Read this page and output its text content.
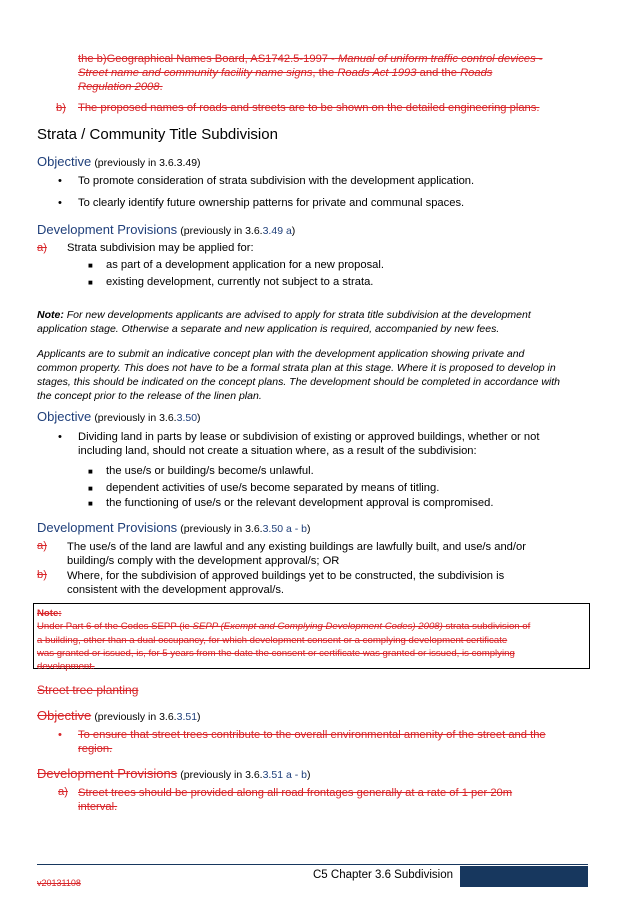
the b)Geographical Names Board, AS1742.5-1997 - Manual of uniform traffic control devices -
Street name and community facility name signs, the Roads Act 1993 and the Roads
Regulation 2008.
b) The proposed names of roads and streets are to be shown on the detailed engineering plans.
Strata / Community Title Subdivision
Objective (previously in 3.6.3.49)
• To promote consideration of strata subdivision with the development application.
• To clearly identify future ownership patterns for private and communal spaces.
Development Provisions (previously in 3.6.3.49 a)
a) Strata subdivision may be applied for:
■ as part of a development application for a new proposal.
■ existing development, currently not subject to a strata.
Note: For new developments applicants are advised to apply for strata title subdivision at the development
application stage. Otherwise a separate and new application is required, accompanied by new fees.
Applicants are to submit an indicative concept plan with the development application showing private and
common property. This does not have to be a formal strata plan at this stage. Where it is proposed to develop in
stages, this should be indicated on the concept plans. The development should be completed in accordance with
the concept prior to the release of the linen plan.
Objective (previously in 3.6.3.50)
• Dividing land in parts by lease or subdivision of existing or approved buildings, whether or not
including land, should not create a situation where, as a result of the subdivision:
■ the use/s or building/s become/s unlawful.
■ dependent activities of use/s become separated by means of titling.
■ the functioning of use/s or the relevant development approval is compromised.
Development Provisions (previously in 3.6.3.50 a - b)
a) The use/s of the land are lawful and any existing buildings are lawfully built, and use/s and/or
building/s comply with the development approval/s; OR
b) Where, for the subdivision of approved buildings yet to be constructed, the subdivision is
consistent with the development approval/s.
Note:
Under Part 6 of the Codes SEPP (ie SEPP (Exempt and Complying Development Codes) 2008) strata subdivision of
a building, other than a dual occupancy, for which development consent or a complying development certificate
was granted or issued, is, for 5 years from the date the consent or certificate was granted or issued, is complying
development.
Street tree planting
Objective (previously in 3.6.3.51)
• To ensure that street trees contribute to the overall environmental amenity of the street and the
region.
Development Provisions (previously in 3.6.3.51 a - b)
a) Street trees should be provided along all road frontages generally at a rate of 1 per 20m
interval.
v20131108
C5 Chapter 3.6 Subdivision
